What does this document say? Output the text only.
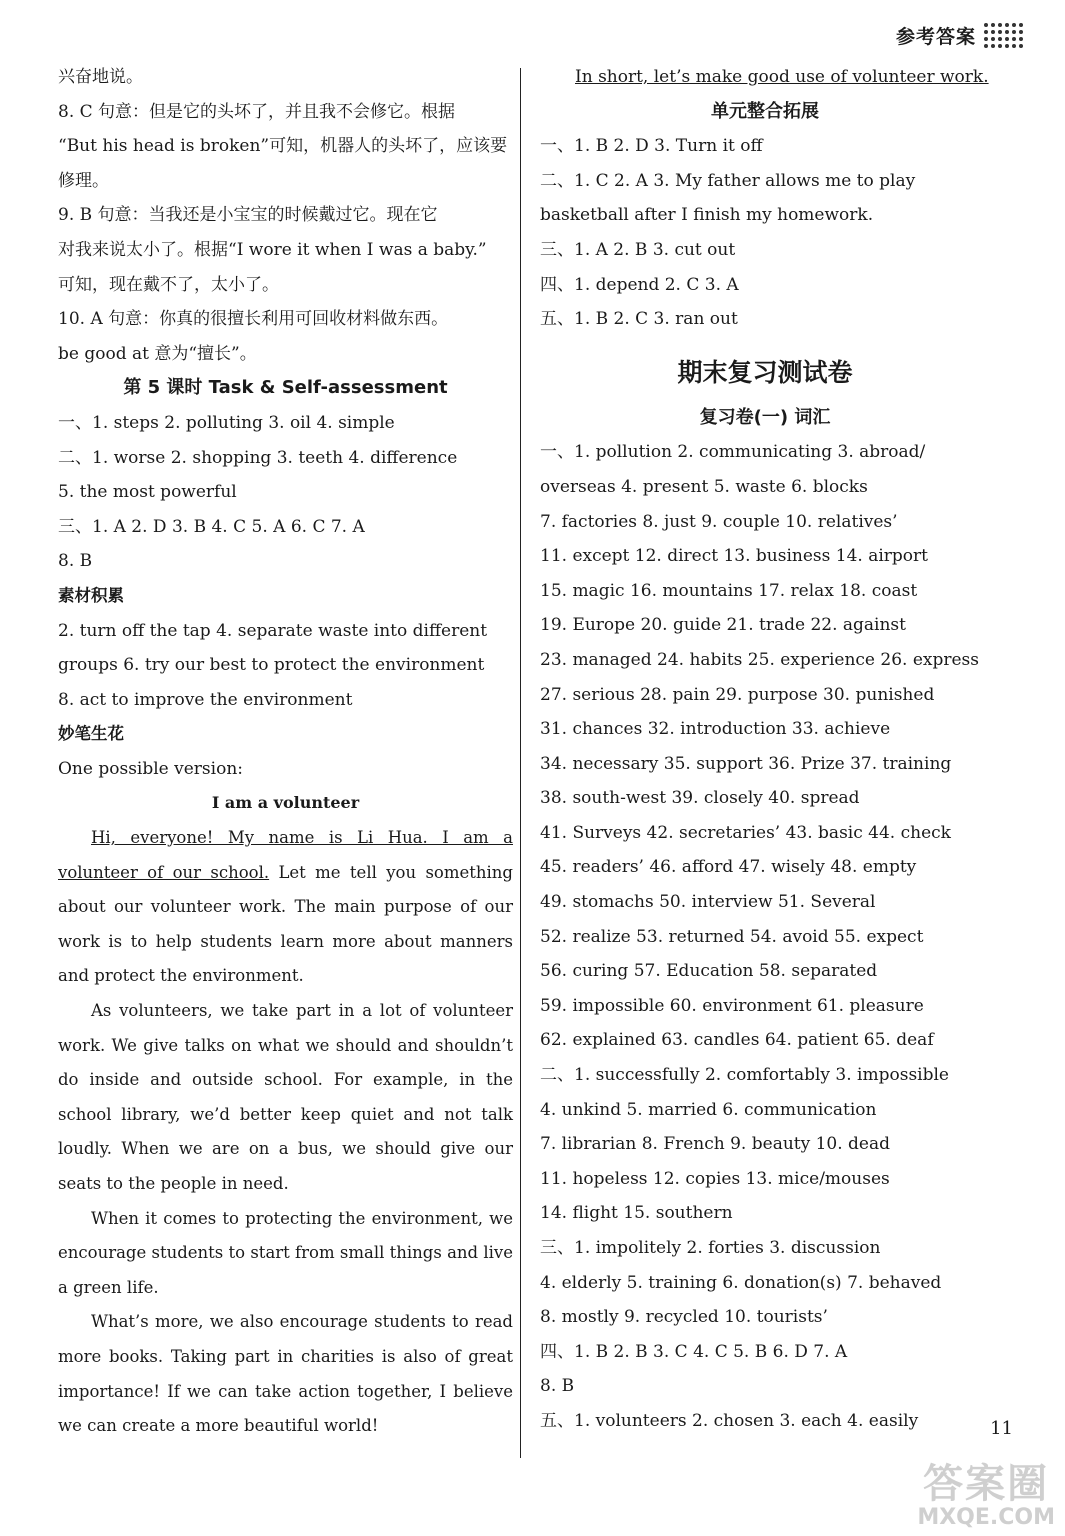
参考答案
兴奋地说。
8. C 句意：但是它的头坏了，并且我不会修它。根据
“But his head is broken”可知，机器人的头坏了，应该要
修理。
9. B 句意：当我还是小宝宝的时候戴过它。现在它
对我来说太小了。根据“I wore it when I was a baby.”
可知，现在戴不了，太小了。
10. A 句意：你真的很擅长利用可回收材料做东西。
be good at 意为“擅长”。
第 5 课时 Task & Self-assessment
一、1. steps 2. polluting 3. oil 4. simple
二、1. worse 2. shopping 3. teeth 4. difference
5. the most powerful
三、1. A 2. D 3. B 4. C 5. A 6. C 7. A
8. B
素材积累
2. turn off the tap 4. separate waste into different
groups 6. try our best to protect the environment
8. act to improve the environment
妙笔生花
One possible version:
I am a volunteer
Hi, everyone! My name is Li Hua. I am a volunteer of our school. Let me tell you something about our volunteer work. The main purpose of our work is to help students learn more about manners and protect the environment.
As volunteers, we take part in a lot of volunteer work. We give talks on what we should and shouldn’t do inside and outside school. For example, in the school library, we’d better keep quiet and not talk loudly. When we are on a bus, we should give our seats to the people in need.
When it comes to protecting the environment, we encourage students to start from small things and live a green life.
What’s more, we also encourage students to read more books. Taking part in charities is also of great importance! If we can take action together, I believe we can create a more beautiful world!
In short, let’s make good use of volunteer work.
单元整合拓展
一、1. B 2. D 3. Turn it off
二、1. C 2. A 3. My father allows me to play
basketball after I finish my homework.
三、1. A 2. B 3. cut out
四、1. depend 2. C 3. A
五、1. B 2. C 3. ran out
期末复习测试卷
复习卷(一) 词汇
一、1. pollution 2. communicating 3. abroad/
overseas 4. present 5. waste 6. blocks
7. factories 8. just 9. couple 10. relatives’
11. except 12. direct 13. business 14. airport
15. magic 16. mountains 17. relax 18. coast
19. Europe 20. guide 21. trade 22. against
23. managed 24. habits 25. experience 26. express
27. serious 28. pain 29. purpose 30. punished
31. chances 32. introduction 33. achieve
34. necessary 35. support 36. Prize 37. training
38. south-west 39. closely 40. spread
41. Surveys 42. secretaries’ 43. basic 44. check
45. readers’ 46. afford 47. wisely 48. empty
49. stomachs 50. interview 51. Several
52. realize 53. returned 54. avoid 55. expect
56. curing 57. Education 58. separated
59. impossible 60. environment 61. pleasure
62. explained 63. candles 64. patient 65. deaf
二、1. successfully 2. comfortably 3. impossible
4. unkind 5. married 6. communication
7. librarian 8. French 9. beauty 10. dead
11. hopeless 12. copies 13. mice/mouses
14. flight 15. southern
三、1. impolitely 2. forties 3. discussion
4. elderly 5. training 6. donation(s) 7. behaved
8. mostly 9. recycled 10. tourists’
四、1. B 2. B 3. C 4. C 5. B 6. D 7. A
8. B
五、1. volunteers 2. chosen 3. each 4. easily	11
答案圈
MXQE.COM
